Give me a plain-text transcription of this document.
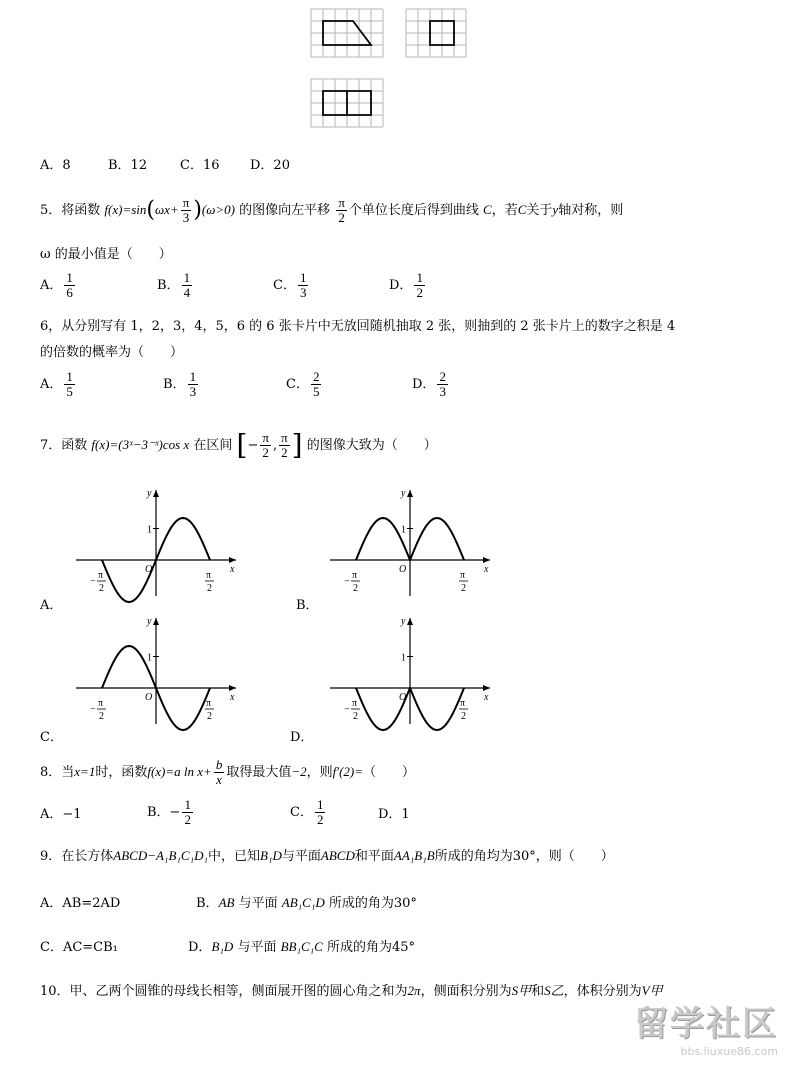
A．8	B．12	C．16 D．20
5．将函数 $f(x)=\sin(\omega x+ \frac{\pi}{3} )(\omega>0)$ 的图像向左平移 $\frac{\pi}{2}$ 个单位长度后得到曲线 C，若C关于y轴对称，则
ω 的最小值是（　　）
A． $\frac{1}{6}$	B． $\frac{1}{4}$	C． $\frac{1}{3}$	D． $\frac{1}{2}$
6，从分别写有 1，2，3，4，5，6 的 6 张卡片中无放回随机抽取 2 张，则抽到的 2 张卡片上的数字之积是 4
的倍数的概率为（　　）
A． $\frac{1}{5}$	B． $\frac{1}{3}$	C． $\frac{2}{5}$	D． $\frac{2}{3}$
7．函数 f(x)=(3ˣ−3⁻ˣ)cos x 在区间 [− $\frac{\pi}{2}$ , $\frac{\pi}{2}$ ] 的图像大致为（　　）
1
y
x
O
−
π
2
π
2
1
y
x
O
−
π
2
π
2
1
y
x
O
−
π
2
π
2
1
y
x
O
−
π
2
π
2
A．	B．
C．	D．
8．当x=1时，函数f(x)=a $\ln x+ \frac{b}{x}$ 取得最大值−2，则f′(2)=（　　）
A．−1	B．− $\frac{1}{2}$	C． $\frac{1}{2}$	D．1
9．在长方体ABCD−A₁B₁C₁D₁中，已知B₁D与平面ABCD和平面AA₁B₁B所成的角均为30°，则（　　）
A．AB=2AD	B．AB 与平面 AB₁C₁D 所成的角为30°
C．AC=CB₁	D．B₁D 与平面 BB₁C₁C 所成的角为45°
10．甲、乙两个圆锥的母线长相等，侧面展开图的圆心角之和为2π，侧面积分别为S甲和S乙，体积分别为V甲
留学社区
bbs.liuxue86.com
